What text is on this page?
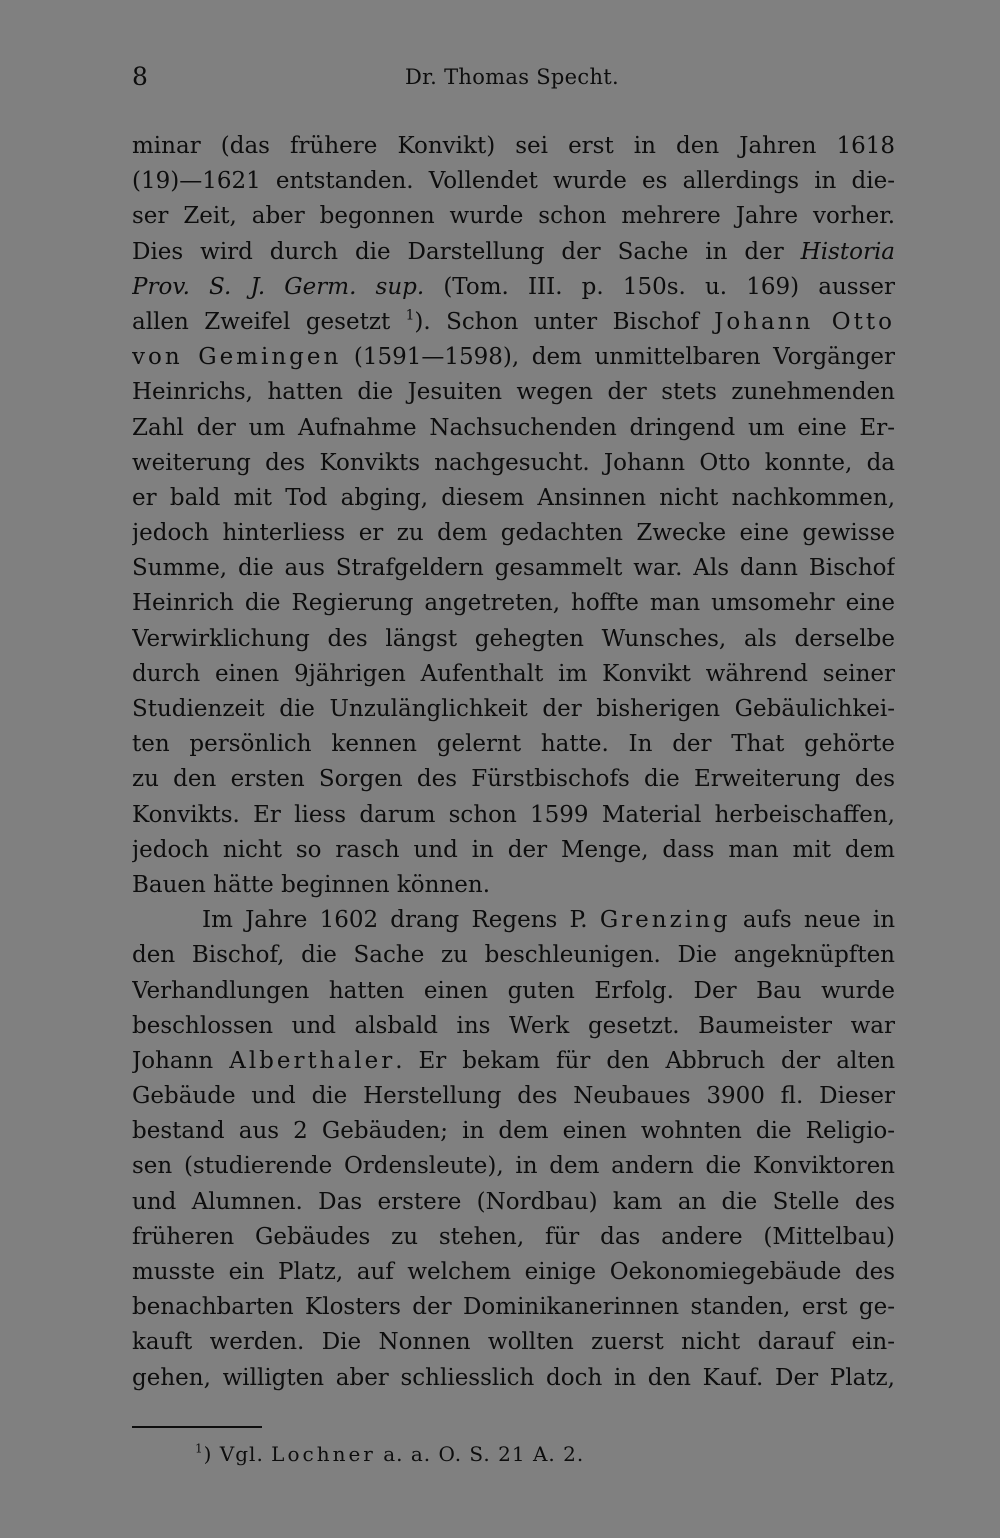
8	Dr. Thomas Specht.
minar (das frühere Konvikt) sei erst in den Jahren 1618
(19)—1621 entstanden. Vollendet wurde es allerdings in die-
ser Zeit, aber begonnen wurde schon mehrere Jahre vorher.
Dies wird durch die Darstellung der Sache in der Historia
Prov. S. J. Germ. sup. (Tom. III. p. 150s. u. 169) ausser
allen Zweifel gesetzt $^1$). Schon unter Bischof Johann Otto
von Gemingen (1591—1598), dem unmittelbaren Vorgänger
Heinrichs, hatten die Jesuiten wegen der stets zunehmenden
Zahl der um Aufnahme Nachsuchenden dringend um eine Er-
weiterung des Konvikts nachgesucht. Johann Otto konnte, da
er bald mit Tod abging, diesem Ansinnen nicht nachkommen,
jedoch hinterliess er zu dem gedachten Zwecke eine gewisse
Summe, die aus Strafgeldern gesammelt war. Als dann Bischof
Heinrich die Regierung angetreten, hoffte man umsomehr eine
Verwirklichung des längst gehegten Wunsches, als derselbe
durch einen 9jährigen Aufenthalt im Konvikt während seiner
Studienzeit die Unzulänglichkeit der bisherigen Gebäulichkei-
ten persönlich kennen gelernt hatte. In der That gehörte
zu den ersten Sorgen des Fürstbischofs die Erweiterung des
Konvikts. Er liess darum schon 1599 Material herbeischaffen,
jedoch nicht so rasch und in der Menge, dass man mit dem
Bauen hätte beginnen können.
Im Jahre 1602 drang Regens P. Grenzing aufs neue in
den Bischof, die Sache zu beschleunigen. Die angeknüpften
Verhandlungen hatten einen guten Erfolg. Der Bau wurde
beschlossen und alsbald ins Werk gesetzt. Baumeister war
Johann Alberthaler. Er bekam für den Abbruch der alten
Gebäude und die Herstellung des Neubaues 3900 fl. Dieser
bestand aus 2 Gebäuden; in dem einen wohnten die Religio-
sen (studierende Ordensleute), in dem andern die Konviktoren
und Alumnen. Das erstere (Nordbau) kam an die Stelle des
früheren Gebäudes zu stehen, für das andere (Mittelbau)
musste ein Platz, auf welchem einige Oekonomiegebäude des
benachbarten Klosters der Dominikanerinnen standen, erst ge-
kauft werden. Die Nonnen wollten zuerst nicht darauf ein-
gehen, willigten aber schliesslich doch in den Kauf. Der Platz,
$^1$) Vgl. Lochner a. a. O. S. 21 A. 2.
